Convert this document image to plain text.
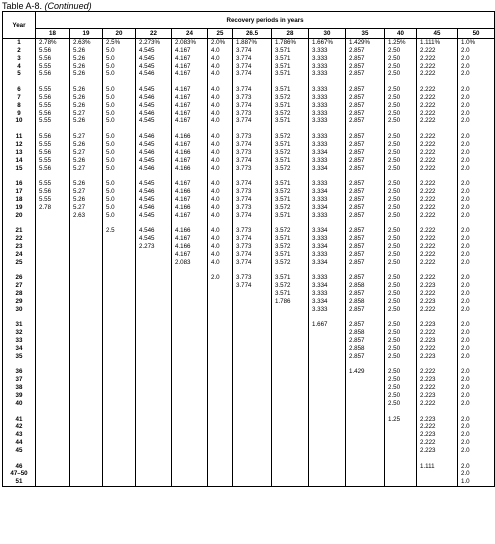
Table A-8. (Continued)
Year	Recovery periods in years												
	18	19	20	22	24	25	26.5	28	30	35	40	45	50
1	2.78%	2.63%	2.5%	2.273%	2.083%	2.0%	1.887%	1.786%	1.667%	1.429%	1.25%	1.111%	1.0%
2	5.56	5.26	5.0	4.545	4.167	4.0	3.774	3.571	3.333	2.857	2.50	2.222	2.0
3	5.56	5.26	5.0	4.545	4.167	4.0	3.774	3.571	3.333	2.857	2.50	2.222	2.0
4	5.55	5.26	5.0	4.545	4.167	4.0	3.774	3.571	3.333	2.857	2.50	2.222	2.0
5	5.56	5.26	5.0	4.546	4.167	4.0	3.774	3.571	3.333	2.857	2.50	2.222	2.0

6	5.55	5.26	5.0	4.545	4.167	4.0	3.774	3.571	3.333	2.857	2.50	2.222	2.0
7	5.56	5.26	5.0	4.546	4.167	4.0	3.773	3.572	3.333	2.857	2.50	2.222	2.0
8	5.55	5.26	5.0	4.545	4.167	4.0	3.774	3.571	3.333	2.857	2.50	2.222	2.0
9	5.56	5.27	5.0	4.546	4.167	4.0	3.773	3.572	3.333	2.857	2.50	2.222	2.0
10	5.55	5.26	5.0	4.545	4.167	4.0	3.774	3.571	3.333	2.857	2.50	2.222	2.0

11	5.56	5.27	5.0	4.546	4.166	4.0	3.773	3.572	3.333	2.857	2.50	2.222	2.0
12	5.55	5.26	5.0	4.545	4.167	4.0	3.774	3.571	3.333	2.857	2.50	2.222	2.0
13	5.56	5.27	5.0	4.546	4.166	4.0	3.773	3.572	3.334	2.857	2.50	2.222	2.0
14	5.55	5.26	5.0	4.545	4.167	4.0	3.774	3.571	3.333	2.857	2.50	2.222	2.0
15	5.56	5.27	5.0	4.546	4.166	4.0	3.773	3.572	3.334	2.857	2.50	2.222	2.0

16	5.55	5.26	5.0	4.545	4.167	4.0	3.774	3.571	3.333	2.857	2.50	2.222	2.0
17	5.56	5.27	5.0	4.546	4.166	4.0	3.773	3.572	3.334	2.857	2.50	2.222	2.0
18	5.55	5.26	5.0	4.545	4.167	4.0	3.774	3.571	3.333	2.857	2.50	2.222	2.0
19	2.78	5.27	5.0	4.546	4.166	4.0	3.773	3.572	3.334	2.857	2.50	2.222	2.0
20		2.63	5.0	4.545	4.167	4.0	3.774	3.571	3.333	2.857	2.50	2.222	2.0

21			2.5	4.546	4.166	4.0	3.773	3.572	3.334	2.857	2.50	2.222	2.0
22				4.545	4.167	4.0	3.774	3.571	3.333	2.857	2.50	2.222	2.0
23				2.273	4.166	4.0	3.773	3.572	3.334	2.857	2.50	2.222	2.0
24					4.167	4.0	3.774	3.571	3.333	2.857	2.50	2.222	2.0
25					2.083	4.0	3.774	3.572	3.334	2.857	2.50	2.222	2.0

26						2.0	3.773	3.571	3.333	2.857	2.50	2.222	2.0
27							3.774	3.572	3.334	2.858	2.50	2.223	2.0
28								3.571	3.333	2.857	2.50	2.222	2.0
29								1.786	3.334	2.858	2.50	2.223	2.0
30									3.333	2.857	2.50	2.222	2.0

31									1.667	2.857	2.50	2.223	2.0
32										2.858	2.50	2.222	2.0
33										2.857	2.50	2.223	2.0
34										2.858	2.50	2.222	2.0
35										2.857	2.50	2.223	2.0

36										1.429	2.50	2.222	2.0
37											2.50	2.223	2.0
38											2.50	2.222	2.0
39											2.50	2.223	2.0
40											2.50	2.222	2.0

41											1.25	2.223	2.0
42												2.222	2.0
43												2.223	2.0
44												2.222	2.0
45												2.223	2.0

46												1.111	2.0
47–50													2.0
51													1.0
